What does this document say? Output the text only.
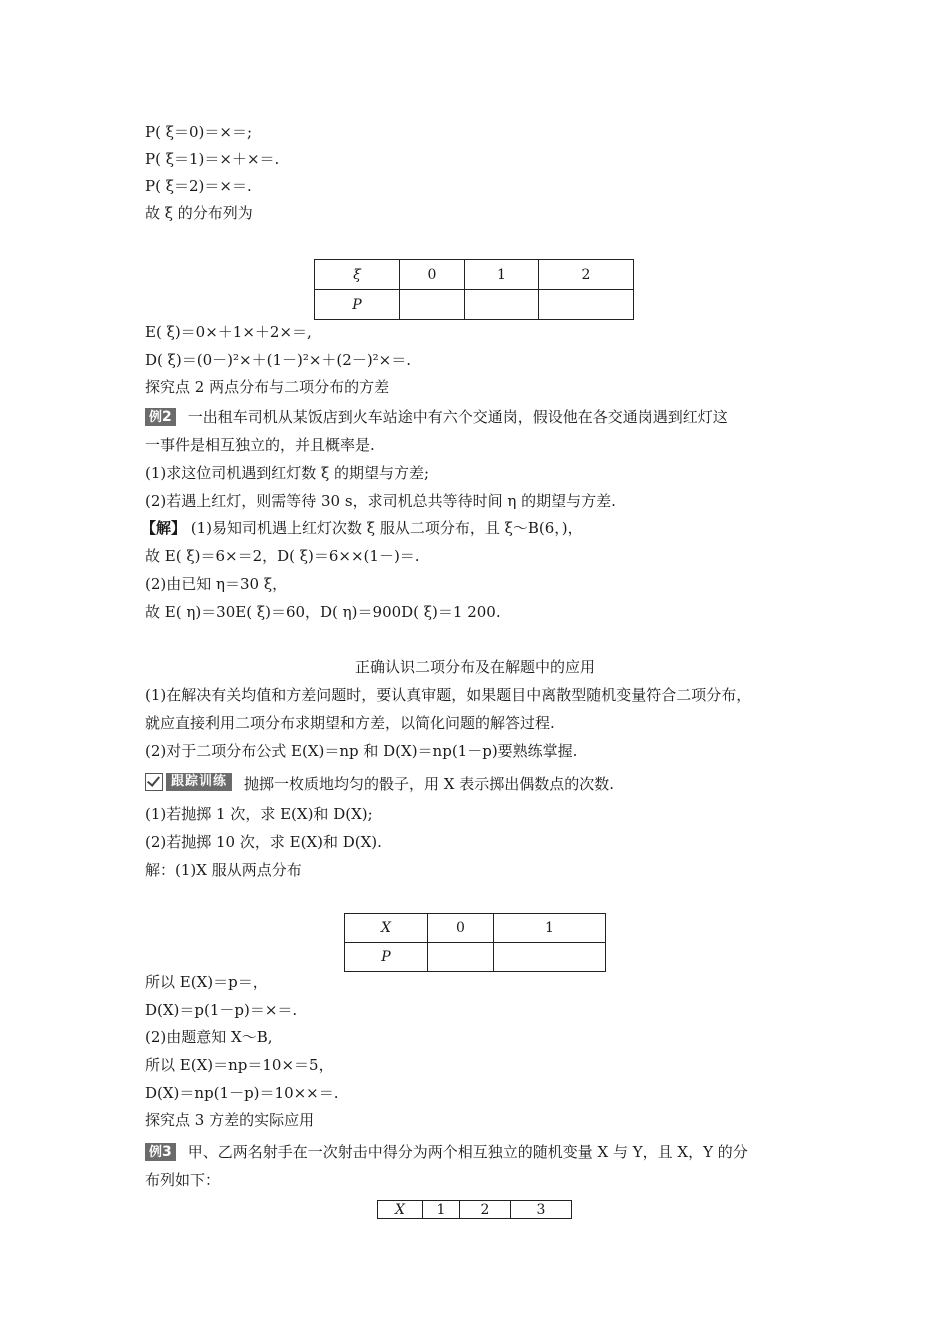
P( ξ＝0)＝×＝;
P( ξ＝1)＝×＋×＝.
P( ξ＝2)＝×＝.
故 ξ 的分布列为
ξ	0	1	2
P			
E( ξ)＝0×＋1×＋2×＝,
D( ξ)＝(0－)²×＋(1－)²×＋(2－)²×＝.
探究点 2 两点分布与二项分布的方差
例2 一出租车司机从某饭店到火车站途中有六个交通岗，假设他在各交通岗遇到红灯这
一事件是相互独立的，并且概率是.
(1)求这位司机遇到红灯数 ξ 的期望与方差;
(2)若遇上红灯，则需等待 30 s，求司机总共等待时间 η 的期望与方差.
【解】 (1)易知司机遇上红灯次数 ξ 服从二项分布，且 ξ～B(6，)，
故 E( ξ)＝6×＝2，D( ξ)＝6××(1－)＝.
(2)由已知 η＝30 ξ，
故 E( η)＝30E( ξ)＝60，D( η)＝900D( ξ)＝1 200.
正确认识二项分布及在解题中的应用
(1)在解决有关均值和方差问题时，要认真审题，如果题目中离散型随机变量符合二项分布，
就应直接利用二项分布求期望和方差，以简化问题的解答过程.
(2)对于二项分布公式 E(X)＝np 和 D(X)＝np(1－p)要熟练掌握.
跟踪训练	抛掷一枚质地均匀的骰子，用 X 表示掷出偶数点的次数.
(1)若抛掷 1 次，求 E(X)和 D(X);
(2)若抛掷 10 次，求 E(X)和 D(X).
解：(1)X 服从两点分布
X	0	1
P		
所以 E(X)＝p＝，
D(X)＝p(1－p)＝×＝.
(2)由题意知 X～B,
所以 E(X)＝np＝10×＝5，
D(X)＝np(1－p)＝10××＝.
探究点 3 方差的实际应用
例3 甲、乙两名射手在一次射击中得分为两个相互独立的随机变量 X 与 Y，且 X，Y 的分
布列如下：
X	1	2	3
